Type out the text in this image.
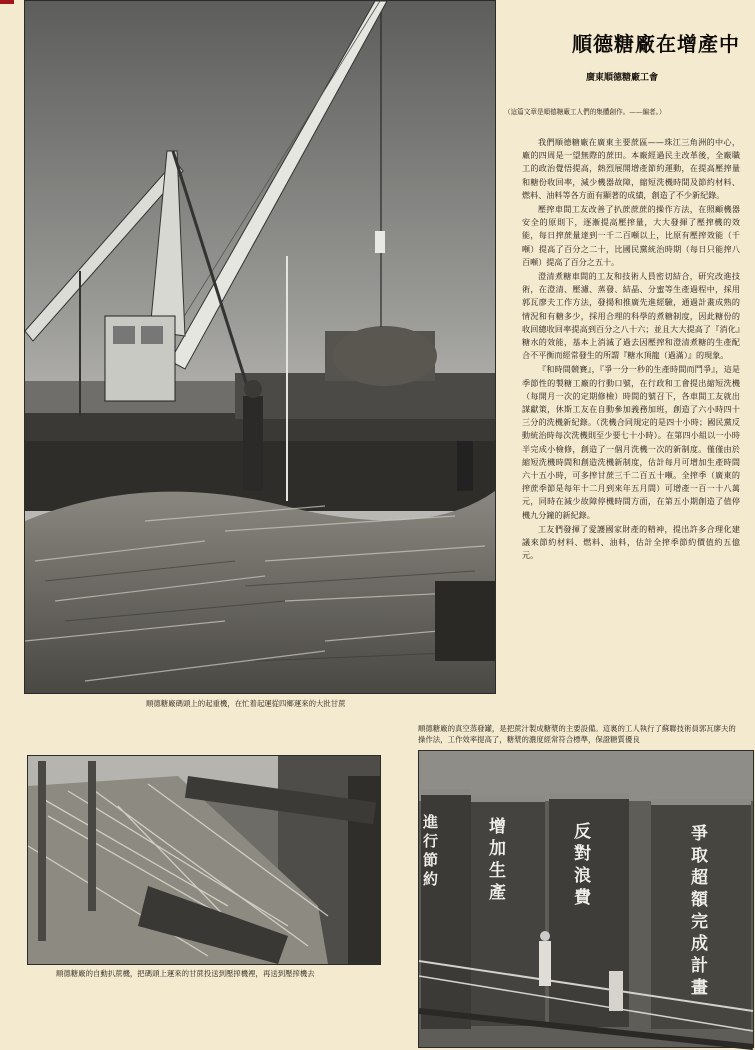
順德糖廠碼頭上的起重機，在忙着起運從四鄉運來的大批甘蔗
順德糖廠在增產中
廣東順德糖廠工會
（這篇文章是順德糖廠工人們的集體創作。——編者。）

我們順德糖廠在廣東主要蔗區——珠江三角洲的中心，廠的四周是一望無際的蔗田。本廠經過民主改革後，全廠職工的政治覺悟提高，熱烈展開增產節約運動，在提高壓搾量和糖份收回率，減少機器故障，縮短洗機時間及節約材料、燃料、油料等各方面有顯著的成績，創造了不少新紀錄。

壓搾車間工友改善了扒蔗蔗蔗的操作方法，在照顧機器安全的原則下，逐漸提高壓搾量，大大發揮了壓搾機的效能，每日搾蔗量達到一千二百噸以上，比原有壓搾效能（千噸）提高了百分之二十，比國民黨統治時期（每日只能搾八百噸）提高了百分之五十。

澄清煮糖車間的工友和技術人員密切結合，研究改進技術，在澄清、壓濾、蒸發、結晶、分蜜等生產過程中，採用郭瓦廖夫工作方法，發揚和推廣先進經驗，通過計畫成熟的情況和有糖多少，採用合理的科學的煮糖制度，因此糖份的收回總收回率提高到百分之八十六；並且大大提高了『消化』糖水的效能，基本上消滅了過去因壓搾和澄清煮糖的生產配合不平衡而經常發生的所謂『糖水頂龍（過滿）』的現象。

『和時間競賽』，『爭一分一秒的生產時間而鬥爭』，這是季節性的製糖工廠的行動口號，在行政和工會提出縮短洗機（每開月一次的定期修檢）時間的號召下，各車間工友就出謀獻策，休斯工友在自動參加義務加班，創造了六小時四十三分的洗機新紀錄。（洗機合同規定的是四十小時；國民黨反動統治時每次洗機則至少要七十小時）。在第四小組以一小時半完成小檢修，創造了一個月洗機一次的新制度。僅僅由於縮短洗機時間和創造洗機新制度，估計每月可增加生產時間六十五小時，可多搾甘蔗三千二百五十噸。全搾季（廣東的搾蔗季節是每年十二月到來年五月間）可增產一百一十八萬元，同時在減少故障停機時間方面，在第五小期創造了值停機九分鐘的新紀錄。

工友們發揮了愛護國家財產的精神，提出許多合理化建議來節約材料、燃料、油料，估計全搾季節約價值約五億元。

順德糖廠的真空蒸發罐，是把蔗汁製成糖漿的主要設備。這裏的工人執行了蘇聯技術員郭瓦廖夫的操作法，工作效率提高了，糖漿的濃度經常符合標準，保證糖質優良
順德糖廠的自動扒蔗機，把碼頭上運來的甘蔗投送到壓搾機裡，再送到壓搾機去
進行節約
增加生產
反對浪費
爭取超額完成計畫
